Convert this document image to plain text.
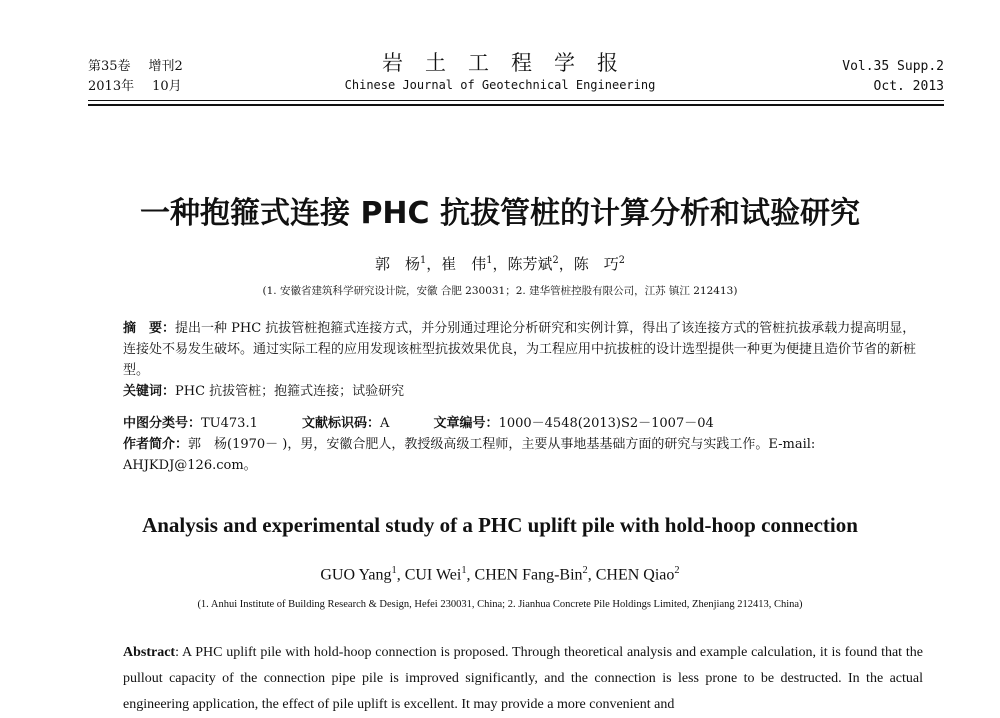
第35卷 增刊2
2013年 10月
岩土工程学报
Chinese Journal of Geotechnical Engineering
Vol.35 Supp.2
Oct. 2013
一种抱箍式连接 PHC 抗拔管桩的计算分析和试验研究
郭　杨$^1$，崔　伟$^1$，陈芳斌$^2$，陈　巧$^2$
(1. 安徽省建筑科学研究设计院，安徽 合肥 230031；2. 建华管桩控股有限公司，江苏 镇江 212413)
摘　要：提出一种 PHC 抗拔管桩抱箍式连接方式，并分别通过理论分析研究和实例计算，得出了该连接方式的管桩抗拔承载力提高明显，连接处不易发生破坏。通过实际工程的应用发现该桩型抗拔效果优良，为工程应用中抗拔桩的设计选型提供一种更为便捷且造价节省的新桩型。
关键词：PHC 抗拔管桩；抱箍式连接；试验研究
中图分类号：TU473.1	文献标识码：A	文章编号：1000－4548(2013)S2－1007－04
作者简介：郭　杨(1970－ )，男，安徽合肥人，教授级高级工程师，主要从事地基基础方面的研究与实践工作。E-mail: AHJKDJ@126.com。
Analysis and experimental study of a PHC uplift pile with hold-hoop connection
GUO Yang$^1$, CUI Wei$^1$, CHEN Fang-Bin$^2$, CHEN Qiao$^2$
(1. Anhui Institute of Building Research & Design, Hefei 230031, China; 2. Jianhua Concrete Pile Holdings Limited, Zhenjiang 212413, China)
Abstract: A PHC uplift pile with hold-hoop connection is proposed. Through theoretical analysis and example calculation, it is found that the pullout capacity of the connection pipe pile is improved significantly, and the connection is less prone to be destructed. In the actual engineering application, the effect of pile uplift is excellent. It may provide a more convenient and
